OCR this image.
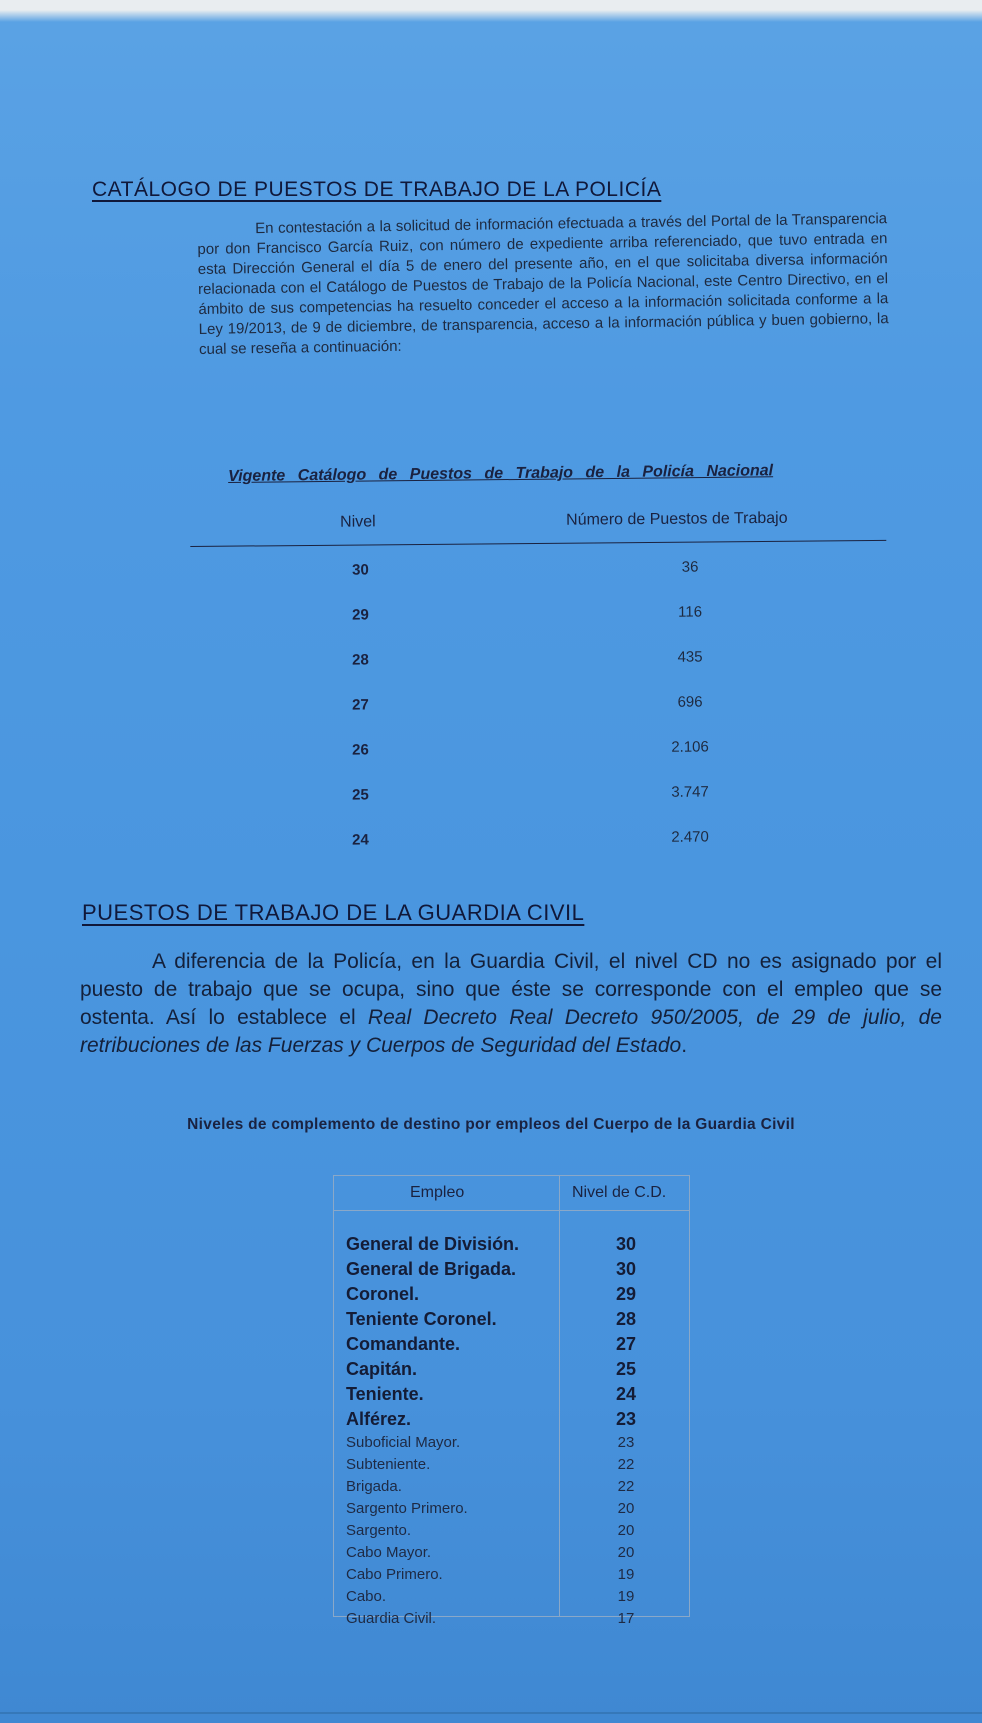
CATÁLOGO DE PUESTOS DE TRABAJO DE LA POLICÍA

En contestación a la solicitud de información efectuada a través del Portal de la Transparencia por don Francisco García Ruiz, con número de expediente arriba referenciado, que tuvo entrada en esta Dirección General el día 5 de enero del presente año, en el que solicitaba diversa información relacionada con el Catálogo de Puestos de Trabajo de la Policía Nacional, este Centro Directivo, en el ámbito de sus competencias ha resuelto conceder el acceso a la información solicitada conforme a la Ley 19/2013, de 9 de diciembre, de transparencia, acceso a la información pública y buen gobierno, la cual se reseña a continuación:

Vigente Catálogo de Puestos de Trabajo de la Policía Nacional

Nivel	Número de Puestos de Trabajo
30	36
29	116
28	435
27	696
26	2.106
25	3.747
24	2.470
PUESTOS DE TRABAJO DE LA GUARDIA CIVIL

A diferencia de la Policía, en la Guardia Civil, el nivel CD no es asignado por el puesto de trabajo que se ocupa, sino que éste se corresponde con el empleo que se ostenta. Así lo establece el Real Decreto Real Decreto 950/2005, de 29 de julio, de retribuciones de las Fuerzas y Cuerpos de Seguridad del Estado.

Niveles de complemento de destino por empleos del Cuerpo de la Guardia Civil

Empleo	Nivel de C.D.
General de División.	30
General de Brigada.	30
Coronel.	29
Teniente Coronel.	28
Comandante.	27
Capitán.	25
Teniente.	24
Alférez.	23
Suboficial Mayor.	23
Subteniente.	22
Brigada.	22
Sargento Primero.	20
Sargento.	20
Cabo Mayor.	20
Cabo Primero.	19
Cabo.	19
Guardia Civil.	17
